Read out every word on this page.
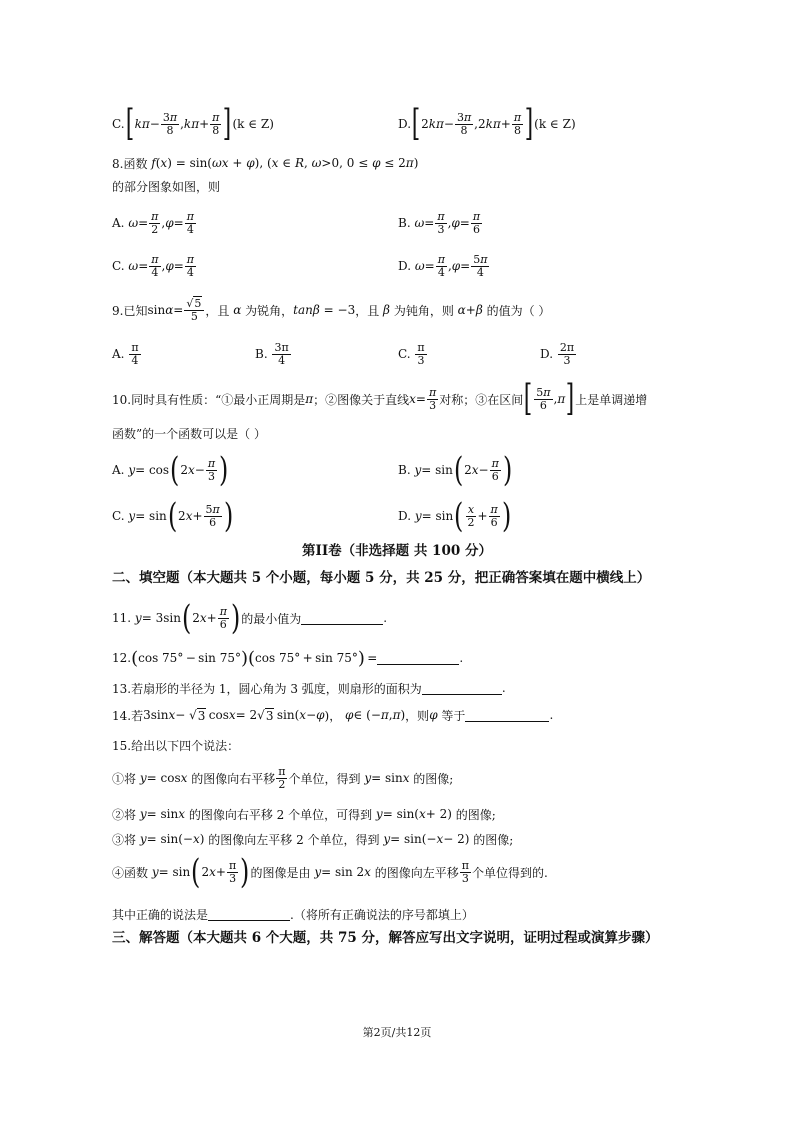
C. [ $k\pi - \frac{3\pi}{8}$ , $k\pi + \frac{\pi}{8}$ ] (k ∈ Z)	D. [ 2 $k\pi - \frac{3\pi}{8} ,2$ $k\pi + \frac{\pi}{8}$ ] (k ∈ Z)
8.函数 f(x) = sin(ωx + φ), (x ∈ R, ω>0, 0 ≤ φ ≤ 2π)
的部分图象如图，则
A.
$\omega = \frac{\pi}{2}$ , $\varphi = \frac{\pi}{4}$	B.
$\omega = \frac{\pi}{3}$ , $\varphi = \frac{\pi}{6}$
C.
$\omega = \frac{\pi}{4}$ , $\varphi = \frac{\pi}{4}$	D.
$\omega = \frac{\pi}{4}$ , $\varphi = \frac{5\pi}{4}$
9.已知 $\sin \alpha = \frac{√5}{5}$ ，且
α
为锐角， tanβ = −3 ，且
β
为钝角，则
α + β
的值为（ ）
A.
$\frac{\pi}{4}$	B.
$\frac{3\pi}{4}$	C.
$\frac{\pi}{3}$	D.
$\frac{2\pi}{3}$
10.同时具有性质：“①最小正周期是 π ；②图像关于直线 $x = \frac{\pi}{3}$ 对称；③在区间 [ $\frac{5\pi}{6}$ , π ] 上是单调递增
函数”的一个函数可以是（ ）
A.
y = cos ( 2 $x - \frac{\pi}{3}$ )	B.
y = sin ( 2 $x - \frac{\pi}{6}$ )
C.
y = sin ( 2 $x + \frac{5\pi}{6}$ )	D.
y = sin ( $\frac{x}{2} + \frac{\pi}{6}$ )
第II卷（非选择题 共 100 分）
二、填空题（本大题共 5 个小题，每小题 5 分，共 25 分，把正确答案填在题中横线上）
11.
y = 3sin ( 2 $x + \frac{\pi}{6}$ ) 的最小值为	.
12. ( cos 75° − sin 75° ) ( cos 75° + sin 75° )  =	.
13.若扇形的半径为 1，圆心角为 3 弧度，则扇形的面积为	.
14.若 3sin x − √ 3  cos x = 2√ 3  sin( x − φ )， φ ∈ (− π , π ) ，则 φ
等于	.
15.给出以下四个说法：
①将
y = cos x
的图像向右平移 $\frac{\pi}{2}$ 个单位，得到
y = sin x
的图像;
②将
y = sin x
的图像向右平移 2 个单位，可得到
y = sin( x + 2) 的图像;
③将
y = sin(− x ) 的图像向左平移 2 个单位，得到
y = sin(− x − 2) 的图像;
④函数
y = sin ( 2 $x + \frac{\pi}{3}$ ) 的图像是由
y = sin 2 x
的图像向左平移 $\frac{\pi}{3}$ 个单位得到的.
其中正确的说法是	.（将所有正确说法的序号都填上）
三、解答题（本大题共 6 个大题，共 75 分，解答应写出文字说明，证明过程或演算步骤）
第2页/共12页
